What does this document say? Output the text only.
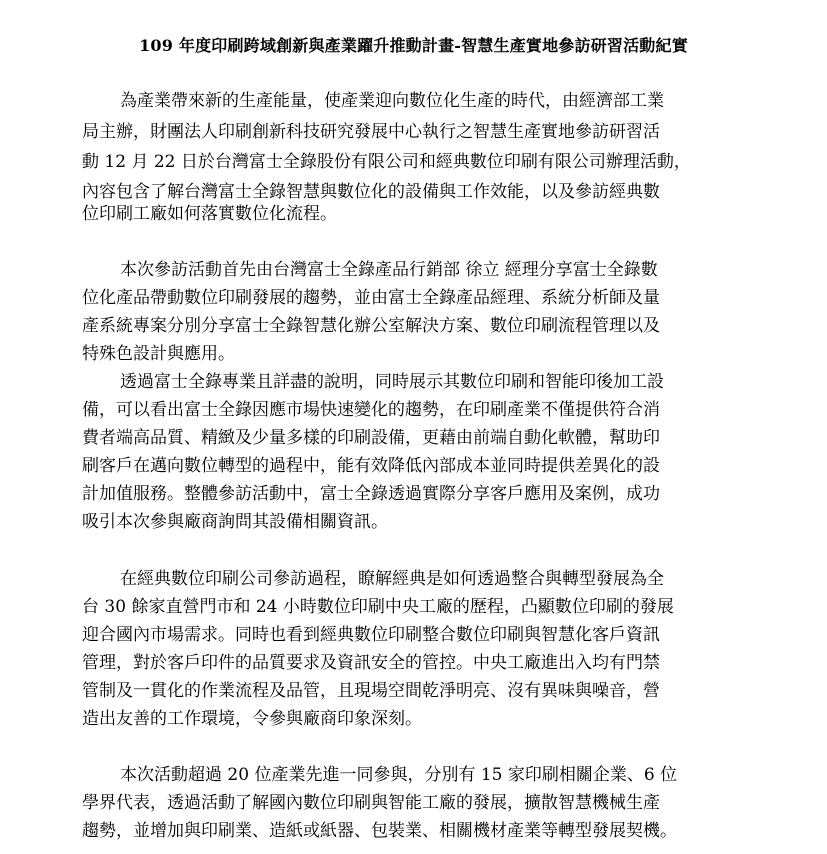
109 年度印刷跨域創新與產業躍升推動計畫-智慧生產實地參訪研習活動紀實
為產業帶來新的生產能量，使產業迎向數位化生產的時代，由經濟部工業
局主辦，財團法人印刷創新科技研究發展中心執行之智慧生產實地參訪研習活
動 12 月 22 日於台灣富士全錄股份有限公司和經典數位印刷有限公司辦理活動，
內容包含了解台灣富士全錄智慧與數位化的設備與工作效能，以及參訪經典數
位印刷工廠如何落實數位化流程。
本次參訪活動首先由台灣富士全錄產品行銷部 徐立 經理分享富士全錄數
位化產品帶動數位印刷發展的趨勢，並由富士全錄產品經理、系統分析師及量
產系統專案分別分享富士全錄智慧化辦公室解決方案、數位印刷流程管理以及
特殊色設計與應用。
透過富士全錄專業且詳盡的說明，同時展示其數位印刷和智能印後加工設
備，可以看出富士全錄因應市場快速變化的趨勢，在印刷產業不僅提供符合消
費者端高品質、精緻及少量多樣的印刷設備，更藉由前端自動化軟體，幫助印
刷客戶在邁向數位轉型的過程中，能有效降低內部成本並同時提供差異化的設
計加值服務。整體參訪活動中，富士全錄透過實際分享客戶應用及案例，成功
吸引本次參與廠商詢問其設備相關資訊。
在經典數位印刷公司參訪過程，瞭解經典是如何透過整合與轉型發展為全
台 30 餘家直營門市和 24 小時數位印刷中央工廠的歷程，凸顯數位印刷的發展
迎合國內市場需求。同時也看到經典數位印刷整合數位印刷與智慧化客戶資訊
管理，對於客戶印件的品質要求及資訊安全的管控。中央工廠進出入均有門禁
管制及一貫化的作業流程及品管，且現場空間乾淨明亮、沒有異味與噪音，營
造出友善的工作環境，令參與廠商印象深刻。
本次活動超過 20 位產業先進一同參與，分別有 15 家印刷相關企業、6 位
學界代表，透過活動了解國內數位印刷與智能工廠的發展，擴散智慧機械生產
趨勢，並增加與印刷業、造紙或紙器、包裝業、相關機材產業等轉型發展契機。
